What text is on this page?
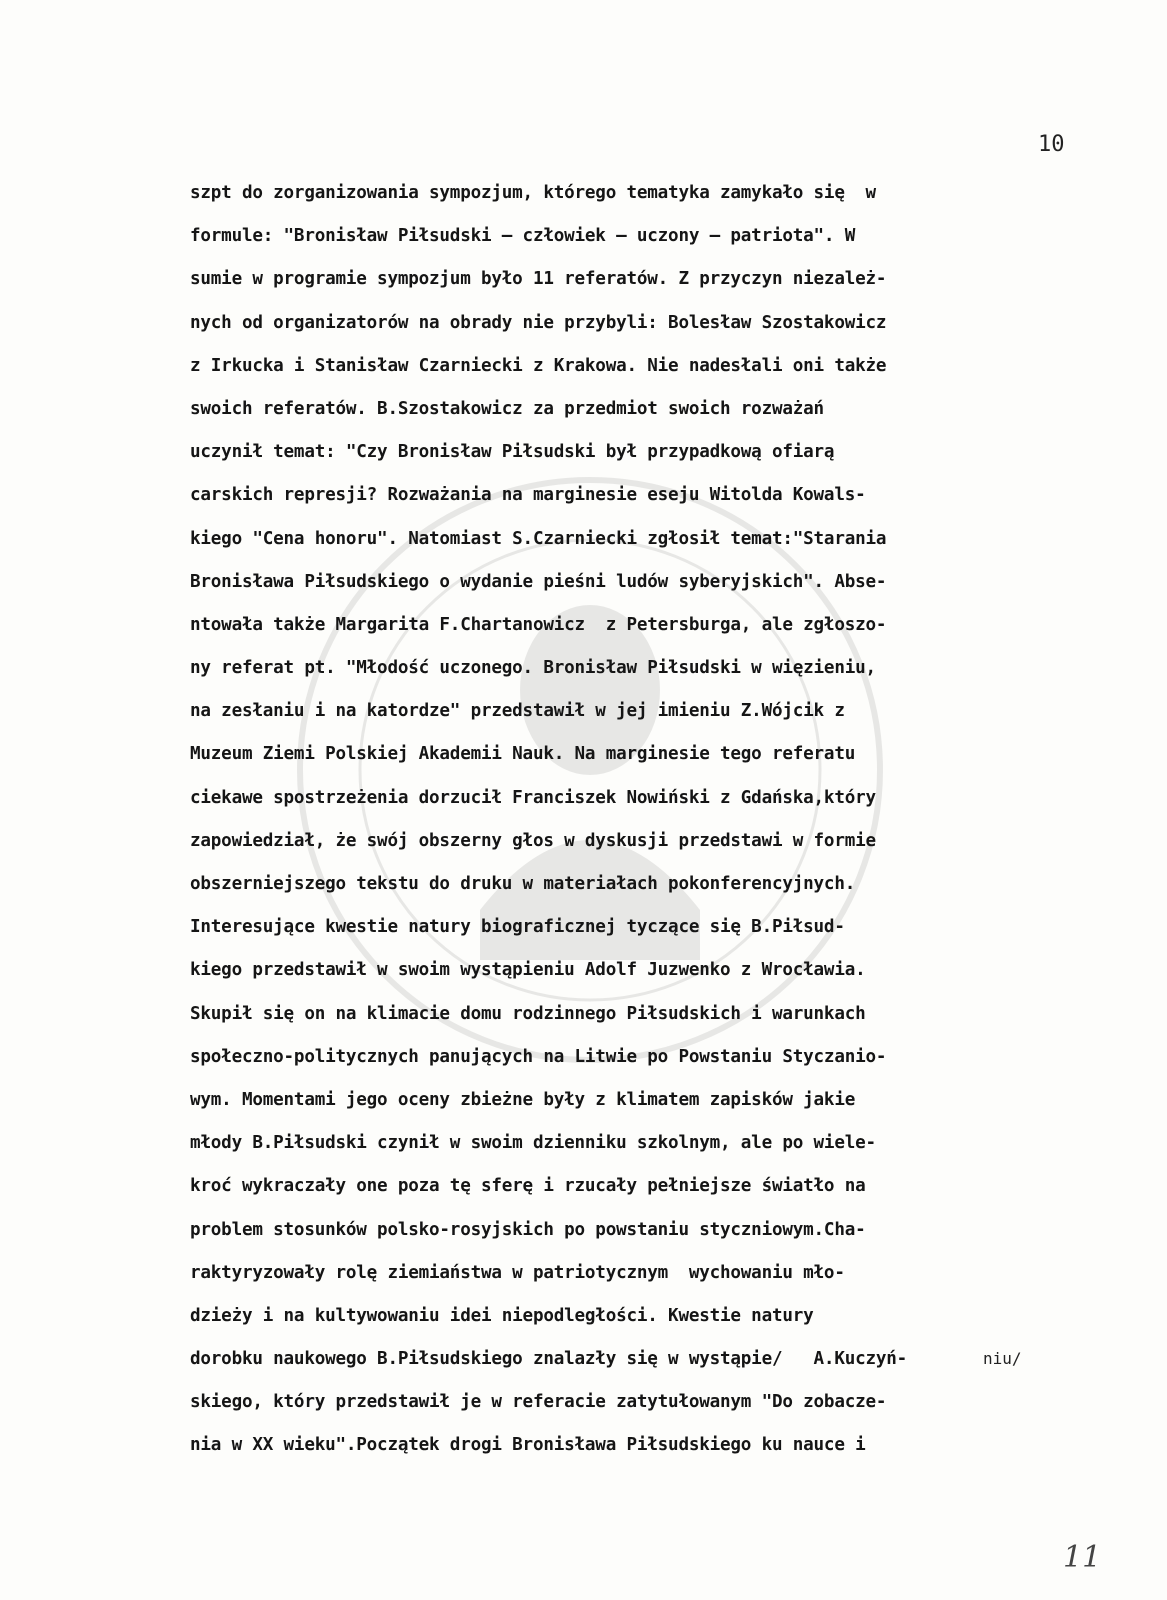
10
szpt do zorganizowania sympozjum, którego tematyka zamykało się  w
formule: "Bronisław Piłsudski – człowiek – uczony – patriota". W
sumie w programie sympozjum było 11 referatów. Z przyczyn niezależ-
nych od organizatorów na obrady nie przybyli: Bolesław Szostakowicz
z Irkucka i Stanisław Czarniecki z Krakowa. Nie nadesłali oni także
swoich referatów. B.Szostakowicz za przedmiot swoich rozważań
uczynił temat: "Czy Bronisław Piłsudski był przypadkową ofiarą
carskich represji? Rozważania na marginesie eseju Witolda Kowals-
kiego "Cena honoru". Natomiast S.Czarniecki zgłosił temat:"Starania
Bronisława Piłsudskiego o wydanie pieśni ludów syberyjskich". Abse-
ntowała także Margarita F.Chartanowicz  z Petersburga, ale zgłoszo-
ny referat pt. "Młodość uczonego. Bronisław Piłsudski w więzieniu,
na zesłaniu i na katordze" przedstawił w jej imieniu Z.Wójcik z
Muzeum Ziemi Polskiej Akademii Nauk. Na marginesie tego referatu
ciekawe spostrzeżenia dorzucił Franciszek Nowiński z Gdańska,który
zapowiedział, że swój obszerny głos w dyskusji przedstawi w formie
obszerniejszego tekstu do druku w materiałach pokonferencyjnych.
Interesujące kwestie natury biograficznej tyczące się B.Piłsud-
kiego przedstawił w swoim wystąpieniu Adolf Juzwenko z Wrocławia.
Skupił się on na klimacie domu rodzinnego Piłsudskich i warunkach
społeczno-politycznych panujących na Litwie po Powstaniu Styczanio-
wym. Momentami jego oceny zbieżne były z klimatem zapisków jakie
młody B.Piłsudski czynił w swoim dzienniku szkolnym, ale po wiele-
kroć wykraczały one poza tę sferę i rzucały pełniejsze światło na
problem stosunków polsko-rosyjskich po powstaniu styczniowym.Cha-
raktyryzowały rolę ziemiaństwa w patriotycznym  wychowaniu mło-
dzieży i na kultywowaniu idei niepodległości. Kwestie natury
dorobku naukowego B.Piłsudskiego znalazły się w wystąpie/   A.Kuczyń-
skiego, który przedstawił je w referacie zatytułowanym "Do zobacze-
nia w XX wieku".Początek drogi Bronisława Piłsudskiego ku nauce i
niu/
11
